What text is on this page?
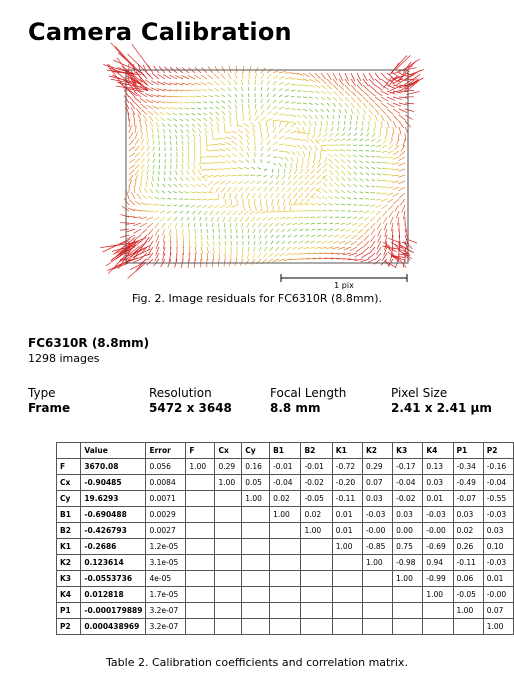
Camera Calibration
1 pix
Fig. 2. Image residuals for FC6310R (8.8mm).
FC6310R (8.8mm)
1298 images
Type
Frame
Resolution
5472 x 3648
Focal Length
8.8 mm
Pixel Size
2.41 x 2.41 μm
	Value	Error	F	Cx	Cy	B1	B2	K1	K2	K3	K4	P1	P2
F	3670.08	0.056	1.00	0.29	0.16	-0.01	-0.01	-0.72	0.29	-0.17	0.13	-0.34	-0.16
Cx	-0.90485	0.0084		1.00	0.05	-0.04	-0.02	-0.20	0.07	-0.04	0.03	-0.49	-0.04
Cy	19.6293	0.0071			1.00	0.02	-0.05	-0.11	0.03	-0.02	0.01	-0.07	-0.55
B1	-0.690488	0.0029				1.00	0.02	0.01	-0.03	0.03	-0.03	0.03	-0.03
B2	-0.426793	0.0027					1.00	0.01	-0.00	0.00	-0.00	0.02	0.03
K1	-0.2686	1.2e-05						1.00	-0.85	0.75	-0.69	0.26	0.10
K2	0.123614	3.1e-05							1.00	-0.98	0.94	-0.11	-0.03
K3	-0.0553736	4e-05								1.00	-0.99	0.06	0.01
K4	0.012818	1.7e-05									1.00	-0.05	-0.00
P1	-0.000179889	3.2e-07										1.00	0.07
P2	0.000438969	3.2e-07											1.00
Table 2. Calibration coefficients and correlation matrix.
